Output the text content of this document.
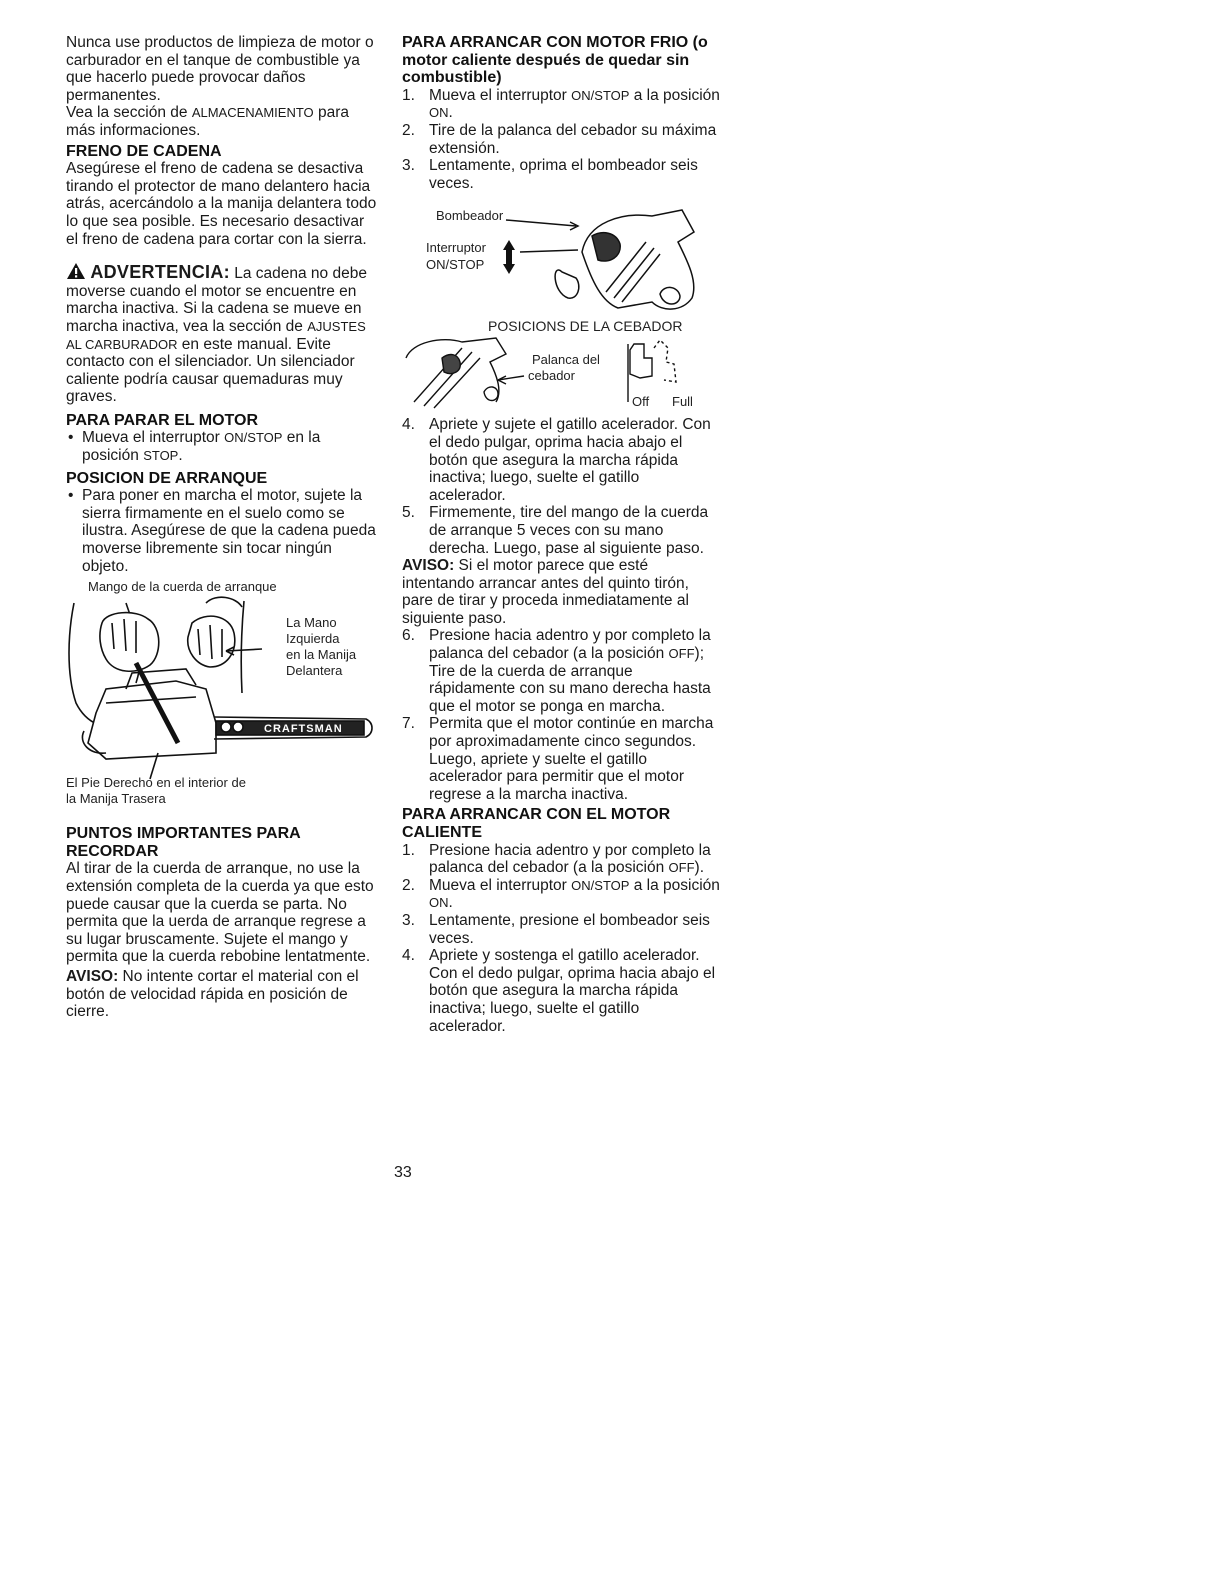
Nunca use productos de limpieza de motor o carburador en el tanque de combustible ya que hacerlo puede provocar daños permanentes.

Vea la sección de ALMACENAMIENTO para más informaciones.

FRENO DE CADENA

Asegúrese el freno de cadena se desactiva tirando el protector de mano delantero hacia atrás, acercándolo a la manija delantera todo lo que sea posible. Es necesario desactivar el freno de cadena para cortar con la sierra.

ADVERTENCIA: La cadena no debe moverse cuando el motor se encuentre en marcha inactiva. Si la cadena se mueve en marcha inactiva, vea la sección de AJUSTES AL CARBURADOR en este manual. Evite contacto con el silenciador. Un silenciador caliente podría causar quemaduras muy graves.

PARA PARAR EL MOTOR
• Mueva el interruptor ON/STOP en la posición STOP.
POSICION DE ARRANQUE
• Para poner en marcha el motor, sujete la sierra firmamente en el suelo como se ilustra. Asegúrese de que la cadena pueda moverse libremente sin tocar ningún objeto.
Mango de la cuerda de arranque
CRAFTSMAN
La Mano
Izquierda
en la Manija
Delantera
El Pie Derecho en el interior de
la Manija Trasera
PUNTOS IMPORTANTES PARA RECORDAR

Al tirar de la cuerda de arranque, no use la extensión completa de la cuerda ya que esto puede causar que la cuerda se parta. No permita que la uerda de arranque regrese a su lugar bruscamente. Sujete el mango y permita que la cuerda rebobine lentatmente.

AVISO: No intente cortar el material con el botón de velocidad rápida en posición de cierre.

PARA ARRANCAR CON MOTOR FRIO (o motor caliente después de quedar sin combustible)
1. Mueva el interruptor ON/STOP a la posición ON.
2. Tire de la palanca del cebador su máxima extensión.
3. Lentamente, oprima el bombeador seis veces.
Bombeador
Interruptor
ON/STOP
POSICIONS DE LA CEBADOR
Palanca del
cebador
Off Full
4. Apriete y sujete el gatillo acelerador. Con el dedo pulgar, oprima hacia abajo el botón que asegura la marcha rápida inactiva; luego, suelte el gatillo acelerador.
5. Firmemente, tire del mango de la cuerda de arranque 5 veces con su mano derecha. Luego, pase al siguiente paso.

AVISO: Si el motor parece que esté intentando arrancar antes del quinto tirón, pare de tirar y proceda inmediatamente al siguiente paso.

6. Presione hacia adentro y por completo la palanca del cebador (a la posición OFF); Tire de la cuerda de arranque rápidamente con su mano derecha hasta que el motor se ponga en marcha.
7. Permita que el motor continúe en marcha por aproximadamente cinco segundos. Luego, apriete y suelte el gatillo acelerador para permitir que el motor regrese a la marcha inactiva.
PARA ARRANCAR CON EL MOTOR CALIENTE
1. Presione hacia adentro y por completo la palanca del cebador (a la posición OFF).
2. Mueva el interruptor ON/STOP a la posición ON.
3. Lentamente, presione el bombeador seis veces.
4. Apriete y sostenga el gatillo acelerador. Con el dedo pulgar, oprima hacia abajo el botón que asegura la marcha rápida inactiva; luego, suelte el gatillo acelerador.
33
